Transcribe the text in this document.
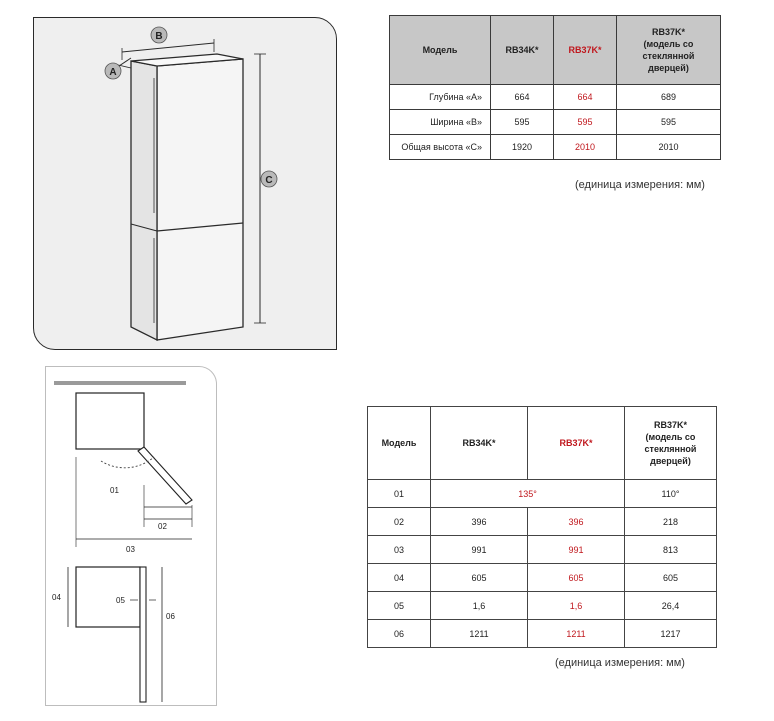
A
B
C
01
02
03
04	05
06
Модель	RB34K*	RB37K*	RB37K*
(модель со
стеклянной
дверцей)

Глубина «A»	664	664	689
Ширина «B»	595	595	595
Общая высота «C»	1920	2010	2010
(единица измерения: мм)
Модель	RB34K*	RB37K*	RB37K*
(модель со
стеклянной
дверцей)

01	135°		110°
02	396	396	218
03	991	991	813
04	605	605	605
05	1,6	1,6	26,4
06	1211	1211	1217
(единица измерения: мм)
